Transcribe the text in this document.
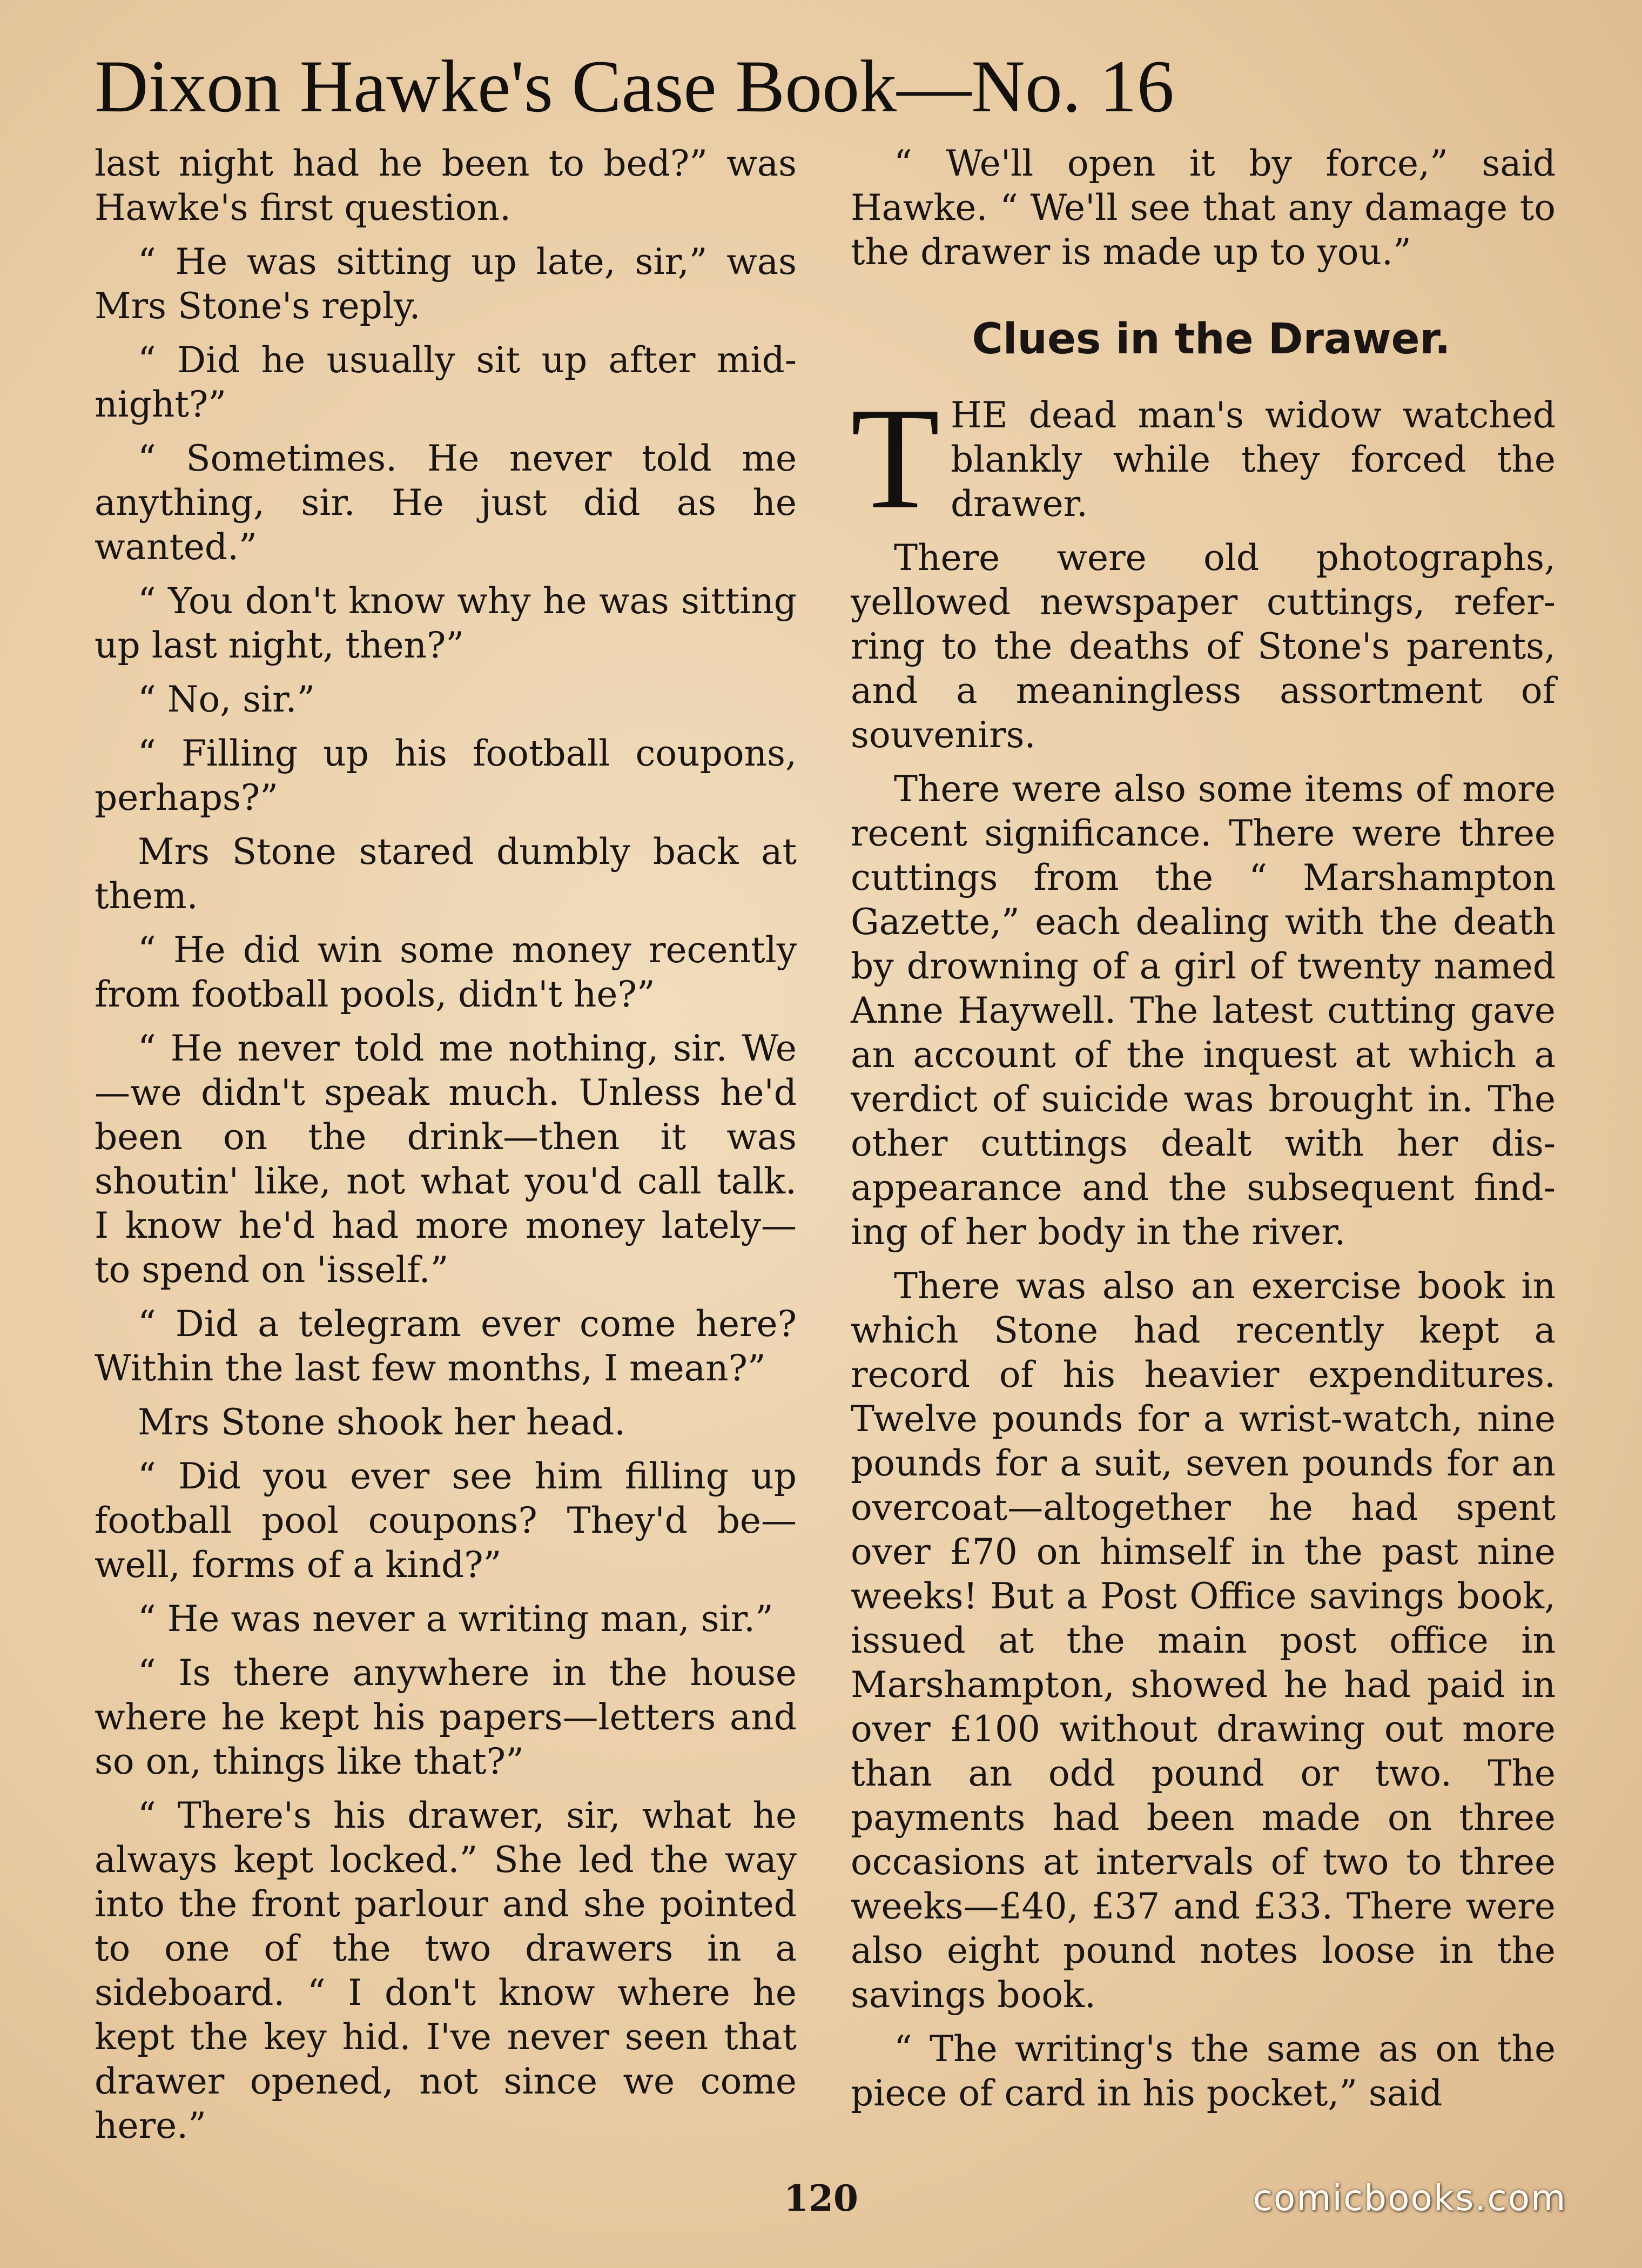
Dixon Hawke's Case Book—No. 16

last night had he been to bed?” was Hawke's first question.

“ He was sitting up late, sir,” was Mrs Stone's reply.

“ Did he usually sit up after mid-night?”

“ Sometimes. He never told me anything, sir. He just did as he wanted.”

“ You don't know why he was sitting up last night, then?”

“ No, sir.”

“ Filling up his football coupons, perhaps?”

Mrs Stone stared dumbly back at them.

“ He did win some money recently from football pools, didn't he?”

“ He never told me nothing, sir. We—we didn't speak much. Unless he'd been on the drink—then it was shoutin' like, not what you'd call talk. I know he'd had more money lately—to spend on 'isself.”

“ Did a telegram ever come here? Within the last few months, I mean?”

Mrs Stone shook her head.

“ Did you ever see him filling up football pool coupons? They'd be—well, forms of a kind?”

“ He was never a writing man, sir.”

“ Is there anywhere in the house where he kept his papers—letters and so on, things like that?”

“ There's his drawer, sir, what he always kept locked.” She led the way into the front parlour and she pointed to one of the two drawers in a sideboard. “ I don't know where he kept the key hid. I've never seen that drawer opened, not since we come here.”

“ We'll open it by force,” said Hawke. “ We'll see that any damage to the drawer is made up to you.”

Clues in the Drawer.

THE dead man's widow watched blankly while they forced the drawer.

There were old photographs, yellowed newspaper cuttings, refer-ring to the deaths of Stone's parents, and a meaningless assortment of souvenirs.

There were also some items of more recent significance. There were three cuttings from the “ Marshampton Gazette,” each dealing with the death by drowning of a girl of twenty named Anne Haywell. The latest cutting gave an account of the inquest at which a verdict of suicide was brought in. The other cuttings dealt with her dis-appearance and the subsequent find-ing of her body in the river.

There was also an exercise book in which Stone had recently kept a record of his heavier expenditures. Twelve pounds for a wrist-watch, nine pounds for a suit, seven pounds for an overcoat—altogether he had spent over £70 on himself in the past nine weeks! But a Post Office savings book, issued at the main post office in Marshampton, showed he had paid in over £100 without drawing out more than an odd pound or two. The payments had been made on three occasions at intervals of two to three weeks—£40, £37 and £33. There were also eight pound notes loose in the savings book.

“ The writing's the same as on the piece of card in his pocket,” said

120	comicbooks.com
